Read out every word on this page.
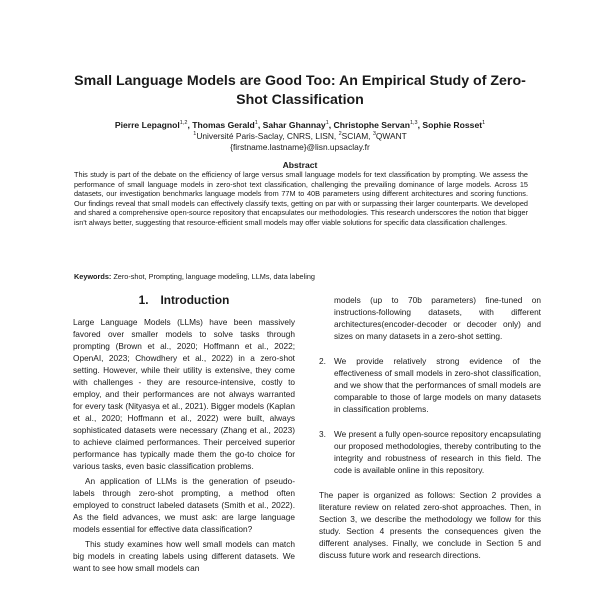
Small Language Models are Good Too: An Empirical Study of Zero-Shot Classification
Pierre Lepagnol$^{1,2}$, Thomas Gerald$^1$, Sahar Ghannay$^1$, Christophe Servan$^{1,3}$, Sophie Rosset$^1$
$^1$Université Paris-Saclay, CNRS, LISN, $^2$SCIAM, $^3$QWANT
{firstname.lastname}@lisn.upsaclay.fr
Abstract

This study is part of the debate on the efficiency of large versus small language models for text classification by prompting. We assess the performance of small language models in zero-shot text classification, challenging the prevailing dominance of large models. Across 15 datasets, our investigation benchmarks language models from 77M to 40B parameters using different architectures and scoring functions. Our findings reveal that small models can effectively classify texts, getting on par with or surpassing their larger counterparts. We developed and shared a comprehensive open-source repository that encapsulates our methodologies. This research underscores the notion that bigger isn't always better, suggesting that resource-efficient small models may offer viable solutions for specific data classification challenges.

Keywords: Zero-shot, Prompting, language modeling, LLMs, data labeling
1. Introduction

Large Language Models (LLMs) have been massively favored over smaller models to solve tasks through prompting (Brown et al., 2020; Hoffmann et al., 2022; OpenAI, 2023; Chowdhery et al., 2022) in a zero-shot setting. However, while their utility is extensive, they come with challenges - they are resource-intensive, costly to employ, and their performances are not always warranted for every task (Nityasya et al., 2021). Bigger models (Kaplan et al., 2020; Hoffmann et al., 2022) were built, always sophisticated datasets were necessary (Zhang et al., 2023) to achieve claimed performances. Their perceived superior performance has typically made them the go-to choice for various tasks, even basic classification problems.

An application of LLMs is the generation of pseudo-labels through zero-shot prompting, a method often employed to construct labeled datasets (Smith et al., 2022). As the field advances, we must ask: are large language models essential for effective data classification?

This study examines how well small models can match big models in creating labels using different datasets. We want to see how small models can

models (up to 70b parameters) fine-tuned on instructions-following datasets, with different architectures(encoder-decoder or decoder only) and sizes on many datasets in a zero-shot setting.
2. We provide relatively strong evidence of the effectiveness of small models in zero-shot classification, and we show that the performances of small models are comparable to those of large models on many datasets in classification problems.
3. We present a fully open-source repository encapsulating our proposed methodologies, thereby contributing to the integrity and robustness of research in this field. The code is available online in this repository.

The paper is organized as follows: Section 2 provides a literature review on related zero-shot approaches. Then, in Section 3, we describe the methodology we follow for this study. Section 4 presents the consequences given the different analyses. Finally, we conclude in Section 5 and discuss future work and research directions.
